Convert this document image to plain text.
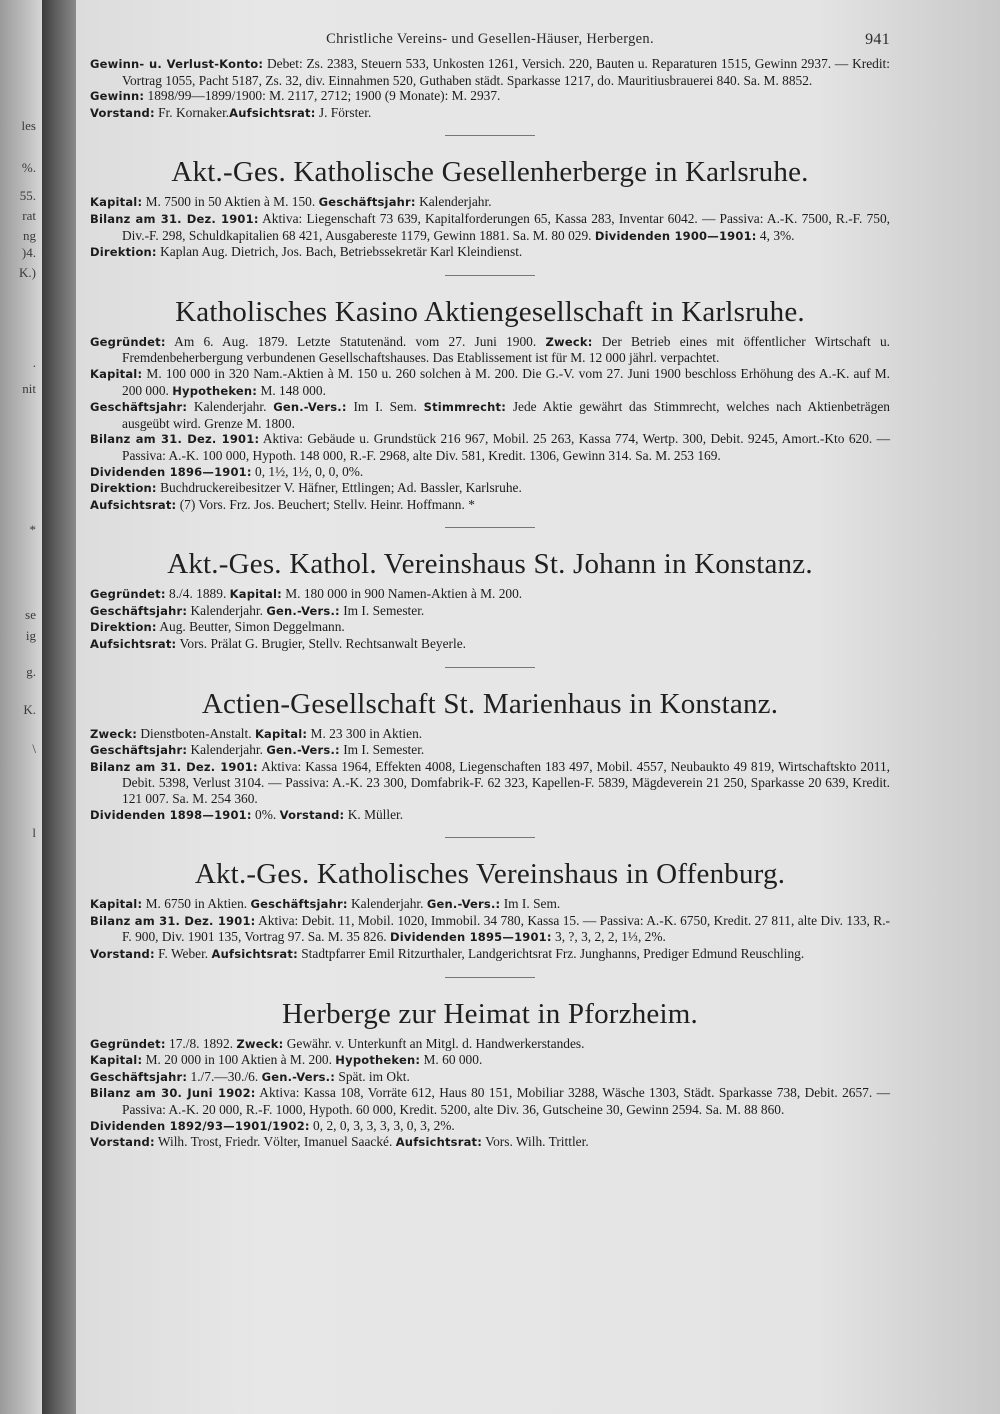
les
%.
55.
rat
ng
)4.
K.)
.
nit
*
se
ig
g.
K.
\
l
Christliche Vereins- und Gesellen-Häuser, Herbergen.	941

Gewinn- u. Verlust-Konto: Debet: Zs. 2383, Steuern 533, Unkosten 1261, Versich. 220, Bauten u. Reparaturen 1515, Gewinn 2937. — Kredit: Vortrag 1055, Pacht 5187, Zs. 32, div. Einnahmen 520, Guthaben städt. Sparkasse 1217, do. Mauritiusbrauerei 840. Sa. M. 8852.

Gewinn: 1898/99—1899/1900: M. 2117, 2712; 1900 (9 Monate): M. 2937.

Vorstand: Fr. Kornaker.Aufsichtsrat: J. Förster.

Akt.-Ges. Katholische Gesellenherberge in Karlsruhe.

Kapital: M. 7500 in 50 Aktien à M. 150. Geschäftsjahr: Kalenderjahr.

Bilanz am 31. Dez. 1901: Aktiva: Liegenschaft 73 639, Kapitalforderungen 65, Kassa 283, Inventar 6042. — Passiva: A.-K. 7500, R.-F. 750, Div.-F. 298, Schuldkapitalien 68 421, Ausgabereste 1179, Gewinn 1881. Sa. M. 80 029. Dividenden 1900—1901: 4, 3%.

Direktion: Kaplan Aug. Dietrich, Jos. Bach, Betriebssekretär Karl Kleindienst.

Katholisches Kasino Aktiengesellschaft in Karlsruhe.

Gegründet: Am 6. Aug. 1879. Letzte Statutenänd. vom 27. Juni 1900. Zweck: Der Betrieb eines mit öffentlicher Wirtschaft u. Fremdenbeherbergung verbundenen Gesellschaftshauses. Das Etablissement ist für M. 12 000 jährl. verpachtet.

Kapital: M. 100 000 in 320 Nam.-Aktien à M. 150 u. 260 solchen à M. 200. Die G.-V. vom 27. Juni 1900 beschloss Erhöhung des A.-K. auf M. 200 000. Hypotheken: M. 148 000.

Geschäftsjahr: Kalenderjahr. Gen.-Vers.: Im I. Sem. Stimmrecht: Jede Aktie gewährt das Stimmrecht, welches nach Aktienbeträgen ausgeübt wird. Grenze M. 1800.

Bilanz am 31. Dez. 1901: Aktiva: Gebäude u. Grundstück 216 967, Mobil. 25 263, Kassa 774, Wertp. 300, Debit. 9245, Amort.-Kto 620. — Passiva: A.-K. 100 000, Hypoth. 148 000, R.-F. 2968, alte Div. 581, Kredit. 1306, Gewinn 314. Sa. M. 253 169.

Dividenden 1896—1901: 0, 1½, 1½, 0, 0, 0%.

Direktion: Buchdruckereibesitzer V. Häfner, Ettlingen; Ad. Bassler, Karlsruhe.

Aufsichtsrat: (7) Vors. Frz. Jos. Beuchert; Stellv. Heinr. Hoffmann. *

Akt.-Ges. Kathol. Vereinshaus St. Johann in Konstanz.

Gegründet: 8./4. 1889. Kapital: M. 180 000 in 900 Namen-Aktien à M. 200.

Geschäftsjahr: Kalenderjahr. Gen.-Vers.: Im I. Semester.

Direktion: Aug. Beutter, Simon Deggelmann.

Aufsichtsrat: Vors. Prälat G. Brugier, Stellv. Rechtsanwalt Beyerle.

Actien-Gesellschaft St. Marienhaus in Konstanz.

Zweck: Dienstboten-Anstalt. Kapital: M. 23 300 in Aktien.

Geschäftsjahr: Kalenderjahr. Gen.-Vers.: Im I. Semester.

Bilanz am 31. Dez. 1901: Aktiva: Kassa 1964, Effekten 4008, Liegenschaften 183 497, Mobil. 4557, Neubaukto 49 819, Wirtschaftskto 2011, Debit. 5398, Verlust 3104. — Passiva: A.-K. 23 300, Domfabrik-F. 62 323, Kapellen-F. 5839, Mägdeverein 21 250, Sparkasse 20 639, Kredit. 121 007. Sa. M. 254 360.

Dividenden 1898—1901: 0%. Vorstand: K. Müller.

Akt.-Ges. Katholisches Vereinshaus in Offenburg.

Kapital: M. 6750 in Aktien. Geschäftsjahr: Kalenderjahr. Gen.-Vers.: Im I. Sem.

Bilanz am 31. Dez. 1901: Aktiva: Debit. 11, Mobil. 1020, Immobil. 34 780, Kassa 15. — Passiva: A.-K. 6750, Kredit. 27 811, alte Div. 133, R.-F. 900, Div. 1901 135, Vortrag 97. Sa. M. 35 826. Dividenden 1895—1901: 3, ?, 3, 2, 2, 1⅓, 2%.

Vorstand: F. Weber. Aufsichtsrat: Stadtpfarrer Emil Ritzurthaler, Landgerichtsrat Frz. Junghanns, Prediger Edmund Reuschling.

Herberge zur Heimat in Pforzheim.

Gegründet: 17./8. 1892. Zweck: Gewähr. v. Unterkunft an Mitgl. d. Handwerkerstandes.

Kapital: M. 20 000 in 100 Aktien à M. 200. Hypotheken: M. 60 000.

Geschäftsjahr: 1./7.—30./6. Gen.-Vers.: Spät. im Okt.

Bilanz am 30. Juni 1902: Aktiva: Kassa 108, Vorräte 612, Haus 80 151, Mobiliar 3288, Wäsche 1303, Städt. Sparkasse 738, Debit. 2657. — Passiva: A.-K. 20 000, R.-F. 1000, Hypoth. 60 000, Kredit. 5200, alte Div. 36, Gutscheine 30, Gewinn 2594. Sa. M. 88 860.

Dividenden 1892/93—1901/1902: 0, 2, 0, 3, 3, 3, 3, 0, 3, 2%.

Vorstand: Wilh. Trost, Friedr. Völter, Imanuel Saacké. Aufsichtsrat: Vors. Wilh. Trittler.
